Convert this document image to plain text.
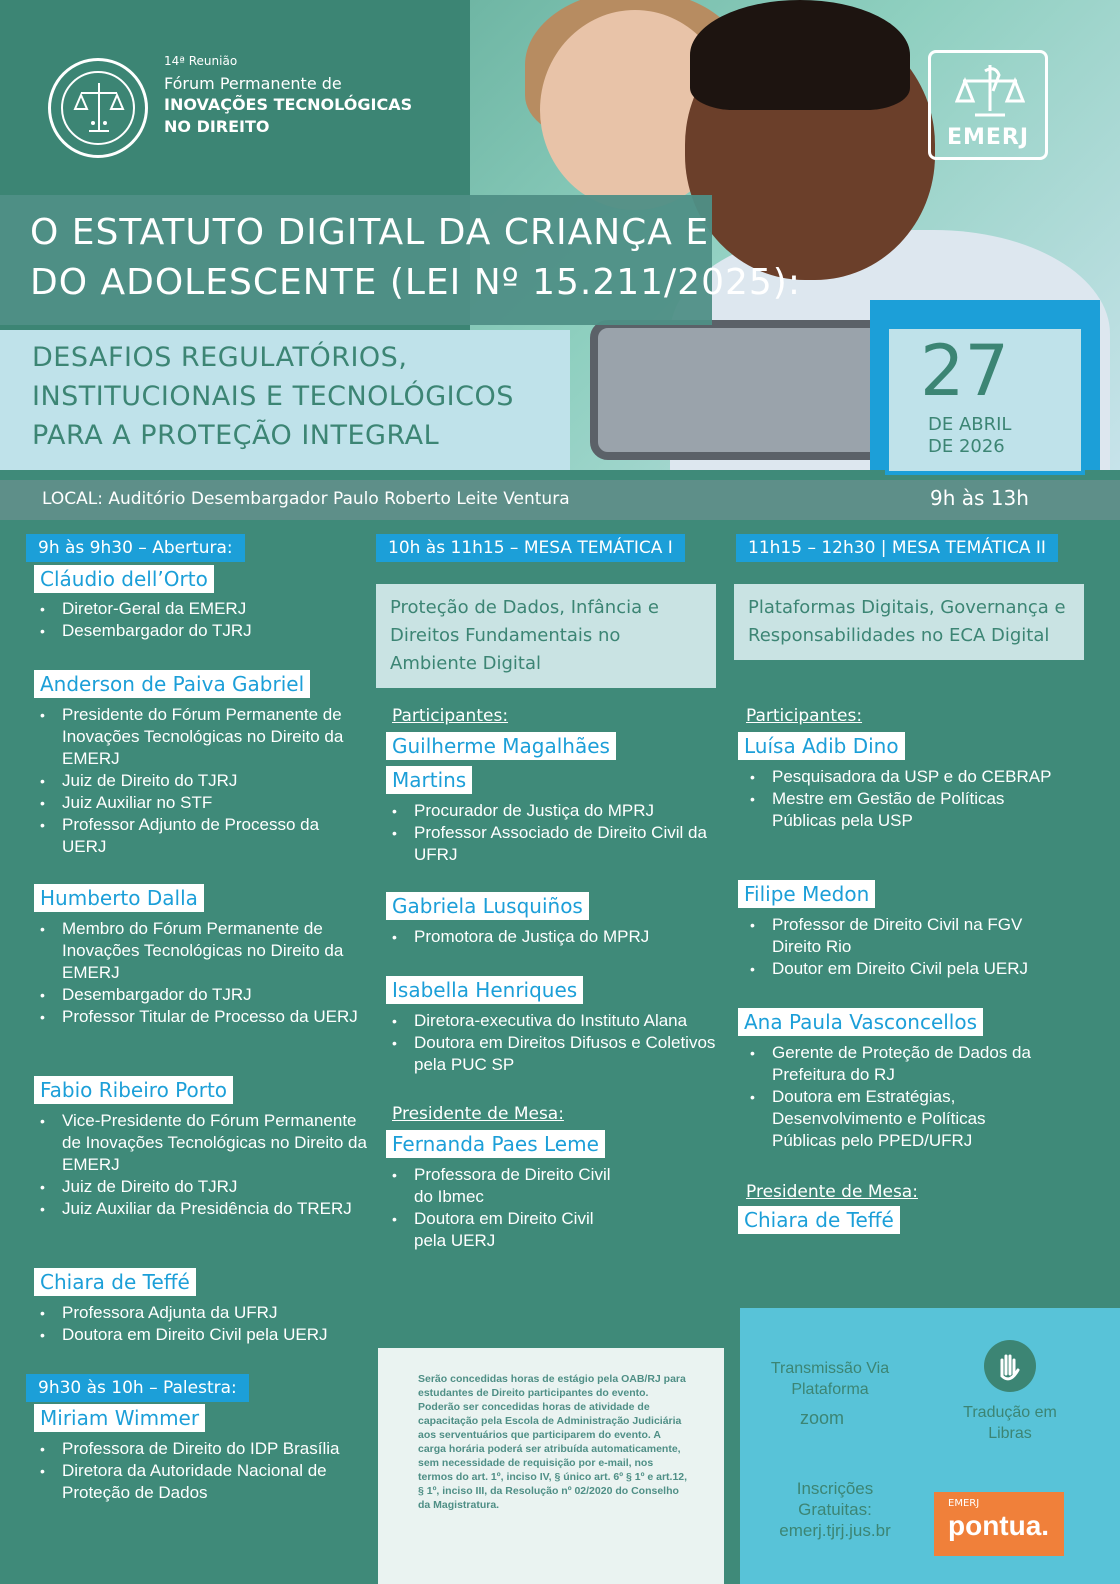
14ª Reunião
Fórum Permanente de
INOVAÇÕES TECNOLÓGICAS
NO DIREITO	EMERJ
O ESTATUTO DIGITAL DA CRIANÇA E
DO ADOLESCENTE (LEI Nº 15.211/2025):
DESAFIOS REGULATÓRIOS,
INSTITUCIONAIS E TECNOLÓGICOS
PARA A PROTEÇÃO INTEGRAL
27
DE ABRIL
DE 2026
LOCAL: Auditório Desembargador Paulo Roberto Leite Ventura	9h às 13h
9h às 9h30 – Abertura:
Cláudio dell’Orto
• Diretor-Geral da EMERJ
• Desembargador do TJRJ
Anderson de Paiva Gabriel
• Presidente do Fórum Permanente de Inovações Tecnológicas no Direito da EMERJ
• Juiz de Direito do TJRJ
• Juiz Auxiliar no STF
• Professor Adjunto de Processo da UERJ
Humberto Dalla
• Membro do Fórum Permanente de Inovações Tecnológicas no Direito da EMERJ
• Desembargador do TJRJ
• Professor Titular de Processo da UERJ
Fabio Ribeiro Porto
• Vice-Presidente do Fórum Permanente de Inovações Tecnológicas no Direito da EMERJ
• Juiz de Direito do TJRJ
• Juiz Auxiliar da Presidência do TRERJ
Chiara de Teffé
• Professora Adjunta da UFRJ
• Doutora em Direito Civil pela UERJ
9h30 às 10h – Palestra:
Miriam Wimmer
• Professora de Direito do IDP Brasília
• Diretora da Autoridade Nacional de Proteção de Dados
10h às 11h15 – MESA TEMÁTICA I
Proteção de Dados, Infância e Direitos Fundamentais no Ambiente Digital
Participantes:
Guilherme Magalhães
Martins
• Procurador de Justiça do MPRJ
• Professor Associado de Direito Civil da UFRJ
Gabriela Lusquiños
• Promotora de Justiça do MPRJ
Isabella Henriques
• Diretora-executiva do Instituto Alana
• Doutora em Direitos Difusos e Coletivos pela PUC SP
Presidente de Mesa:
Fernanda Paes Leme
• Professora de Direito Civil do Ibmec
• Doutora em Direito Civil pela UERJ
11h15 – 12h30 | MESA TEMÁTICA II
Plataformas Digitais, Governança e Responsabilidades no ECA Digital
Participantes:
Luísa Adib Dino
• Pesquisadora da USP e do CEBRAP
• Mestre em Gestão de Políticas Públicas pela USP
Filipe Medon
• Professor de Direito Civil na FGV Direito Rio
• Doutor em Direito Civil pela UERJ
Ana Paula Vasconcellos
• Gerente de Proteção de Dados da Prefeitura do RJ
• Doutora em Estratégias, Desenvolvimento e Políticas Públicas pelo PPED/UFRJ
Presidente de Mesa:
Chiara de Teffé
Serão concedidas horas de estágio pela OAB/RJ para estudantes de Direito participantes do evento. Poderão ser concedidas horas de atividade de capacitação pela Escola de Administração Judiciária aos serventuários que participarem do evento. A carga horária poderá ser atribuída automaticamente, sem necessidade de requisição por e-mail, nos termos do art. 1º, inciso IV, § único art. 6º § 1º e art.12, § 1º, inciso III, da Resolução nº 02/2020 do Conselho da Magistratura.
Transmissão Via Plataforma
zoom	Tradução em Libras
Inscrições Gratuitas:
emerj.tjrj.jus.br
EMERJ
pontua.
